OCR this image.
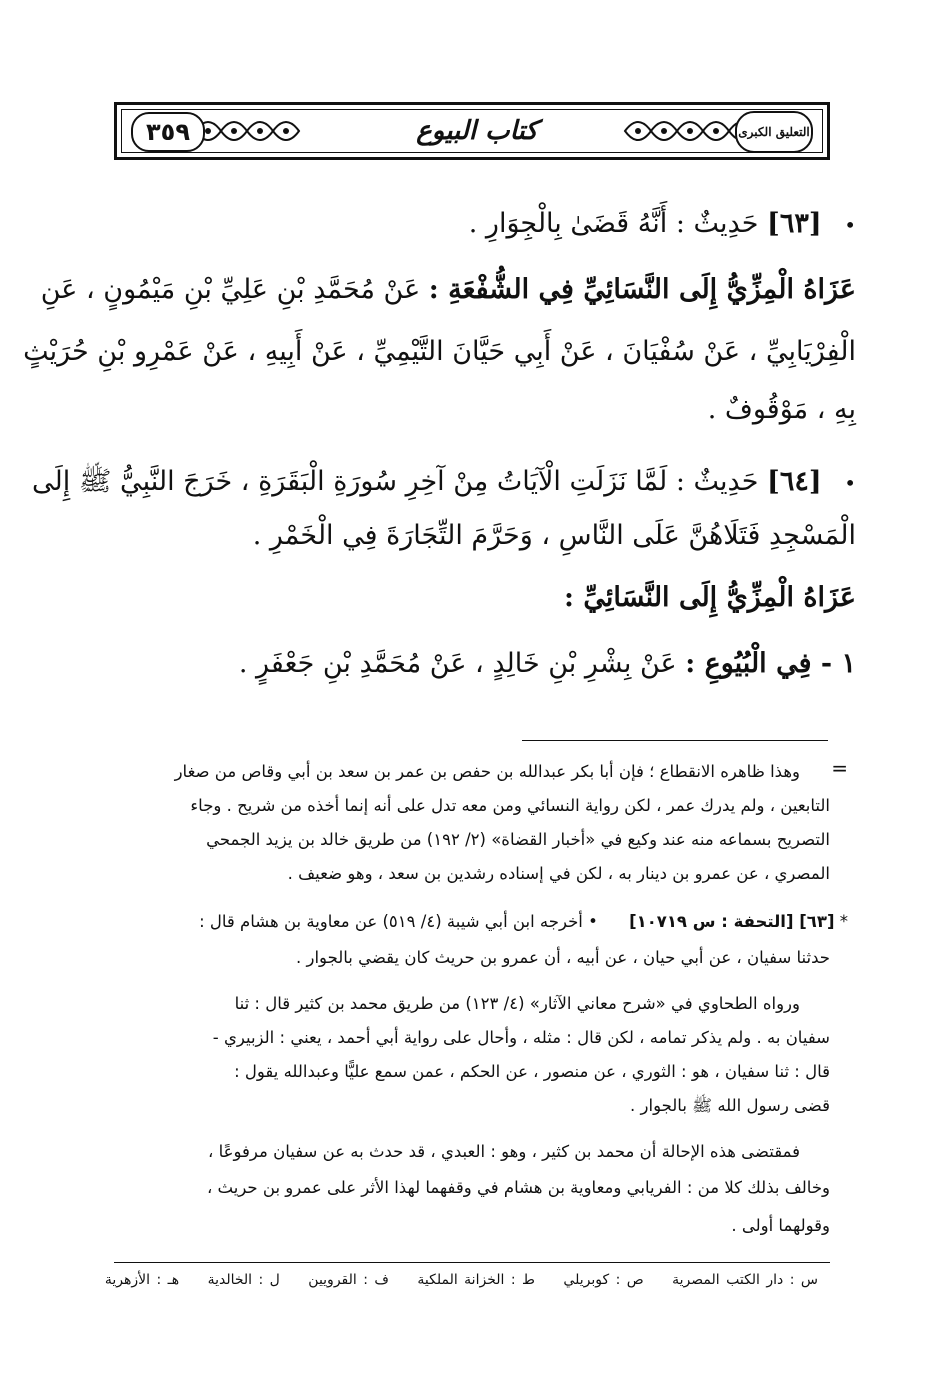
٣٥٩	كتاب البيوع	التعليق الكبرى
• [٦٣] حَدِيثٌ : أَنَّهُ قَضَىٰ بِالْجِوَارِ .
عَزَاهُ الْمِزِّيُّ إِلَى النَّسَائِيِّ فِي الشُّفْعَةِ : عَنْ مُحَمَّدِ بْنِ عَلِيِّ بْنِ مَيْمُونٍ ، عَنِ
الْفِرْيَابِيِّ ، عَنْ سُفْيَانَ ، عَنْ أَبِي حَيَّانَ التَّيْمِيِّ ، عَنْ أَبِيهِ ، عَنْ عَمْرِو بْنِ حُرَيْثٍ
بِهِ ، مَوْقُوفٌ .
• [٦٤] حَدِيثٌ : لَمَّا نَزَلَتِ الْآيَاتُ مِنْ آخِرِ سُورَةِ الْبَقَرَةِ ، خَرَجَ النَّبِيُّ ﷺ إِلَى
الْمَسْجِدِ فَتَلَاهُنَّ عَلَى النَّاسِ ، وَحَرَّمَ التِّجَارَةَ فِي الْخَمْرِ .
عَزَاهُ الْمِزِّيُّ إِلَى النَّسَائِيِّ :
١ - فِي الْبُيُوعِ : عَنْ بِشْرِ بْنِ خَالِدٍ ، عَنْ مُحَمَّدِ بْنِ جَعْفَرٍ .
=
وهذا ظاهره الانقطاع ؛ فإن أبا بكر عبدالله بن حفص بن عمر بن سعد بن أبي وقاص من صغار
التابعين ، ولم يدرك عمر ، لكن رواية النسائي ومن معه تدل على أنه إنما أخذه من شريح . وجاء
التصريح بسماعه منه عند وكيع في «أخبار القضاة» (٢/ ١٩٢) من طريق خالد بن يزيد الجمحي
المصري ، عن عمرو بن دينار به ، لكن في إسناده رشدين بن سعد ، وهو ضعيف .
* [٦٣] [التحفة : س ١٠٧١٩] • أخرجه ابن أبي شيبة (٤/ ٥١٩) عن معاوية بن هشام قال :
حدثنا سفيان ، عن أبي حيان ، عن أبيه ، أن عمرو بن حريث كان يقضي بالجوار .
ورواه الطحاوي في «شرح معاني الآثار» (٤/ ١٢٣) من طريق محمد بن كثير قال : ثنا
سفيان به . ولم يذكر تمامه ، لكن قال : مثله ، وأحال على رواية أبي أحمد ، يعني : الزبيري -
قال : ثنا سفيان ، هو : الثوري ، عن منصور ، عن الحكم ، عمن سمع عليًّا وعبدالله يقول :
قضى رسول الله ﷺ بالجوار .
فمقتضى هذه الإحالة أن محمد بن كثير ، وهو : العبدي ، قد حدث به عن سفيان مرفوعًا ،
وخالف بذلك كلا من : الفريابي ومعاوية بن هشام في وقفهما لهذا الأثر على عمرو بن حريث ،
وقولهما أولى .
س : دار الكتب المصرية ص : كوبريلي ط : الخزانة الملكية ف : القرويين ل : الخالدية هـ : الأزهرية
